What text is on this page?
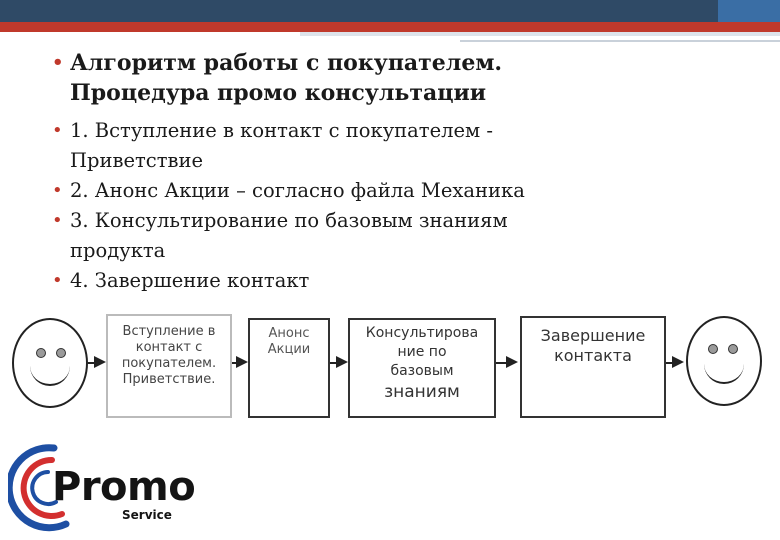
• Алгоритм работы с покупателем.
Процедура промо консультации
• 1. Вступление в контакт с покупателем -
Приветствие
• 2. Анонс Акции – согласно файла Механика
• 3. Консультирование по базовым знаниям
продукта
• 4. Завершение контакт
Вступление в
контакт с
покупателем.
Приветствие.
Анонс
Акции
Консультирова
ние по
базовым
знаниям
Завершение
контакта
Promo
Service
